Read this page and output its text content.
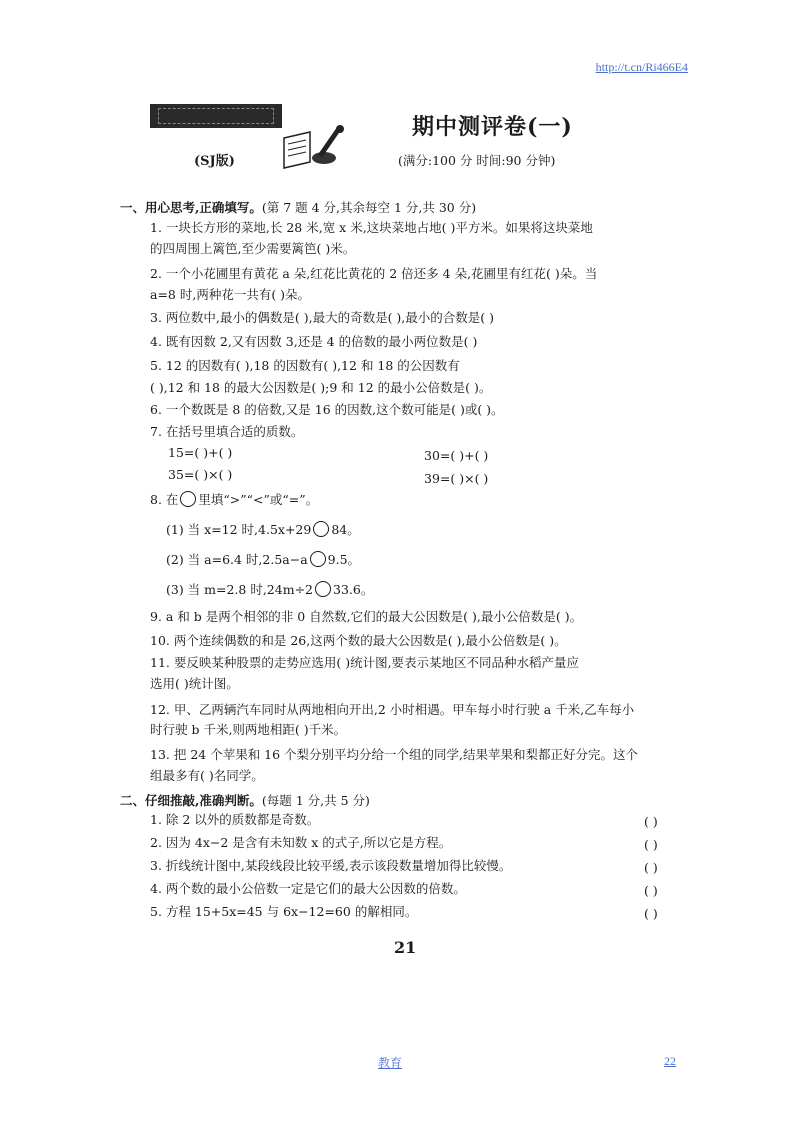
http://t.cn/Ri466E4
(SJ版)
期中测评卷(一)
(满分:100 分 时间:90 分钟)
一、用心思考,正确填写。(第 7 题 4 分,其余每空 1 分,共 30 分)
1. 一块长方形的菜地,长 28 米,宽 x 米,这块菜地占地( )平方米。如果将这块菜地
的四周围上篱笆,至少需要篱笆( )米。
2. 一个小花圃里有黄花 a 朵,红花比黄花的 2 倍还多 4 朵,花圃里有红花( )朵。当
a=8 时,两种花一共有( )朵。
3. 两位数中,最小的偶数是( ),最大的奇数是( ),最小的合数是( )
4. 既有因数 2,又有因数 3,还是 4 的倍数的最小两位数是( )
5. 12 的因数有( ),18 的因数有( ),12 和 18 的公因数有
( ),12 和 18 的最大公因数是( );9 和 12 的最小公倍数是( )。
6. 一个数既是 8 的倍数,又是 16 的因数,这个数可能是( )或( )。
7. 在括号里填合适的质数。
15=( )+( )	30=( )+( )
35=( )×( )	39=( )×( )
8. 在 里填“>”“<”或“=”。
(1) 当 x=12 时,4.5x+29 84。
(2) 当 a=6.4 时,2.5a−a 9.5。
(3) 当 m=2.8 时,24m÷2 33.6。
9. a 和 b 是两个相邻的非 0 自然数,它们的最大公因数是( ),最小公倍数是( )。
10. 两个连续偶数的和是 26,这两个数的最大公因数是( ),最小公倍数是( )。
11. 要反映某种股票的走势应选用( )统计图,要表示某地区不同品种水稻产量应
选用( )统计图。
12. 甲、乙两辆汽车同时从两地相向开出,2 小时相遇。甲车每小时行驶 a 千米,乙车每小
时行驶 b 千米,则两地相距( )千米。
13. 把 24 个苹果和 16 个梨分别平均分给一个组的同学,结果苹果和梨都正好分完。这个
组最多有( )名同学。
二、仔细推敲,准确判断。(每题 1 分,共 5 分)
1. 除 2 以外的质数都是奇数。	( )
2. 因为 4x−2 是含有未知数 x 的式子,所以它是方程。	( )
3. 折线统计图中,某段线段比较平缓,表示该段数量增加得比较慢。	( )
4. 两个数的最小公倍数一定是它们的最大公因数的倍数。	( )
5. 方程 15+5x=45 与 6x−12=60 的解相同。	( )
21
教育	22
